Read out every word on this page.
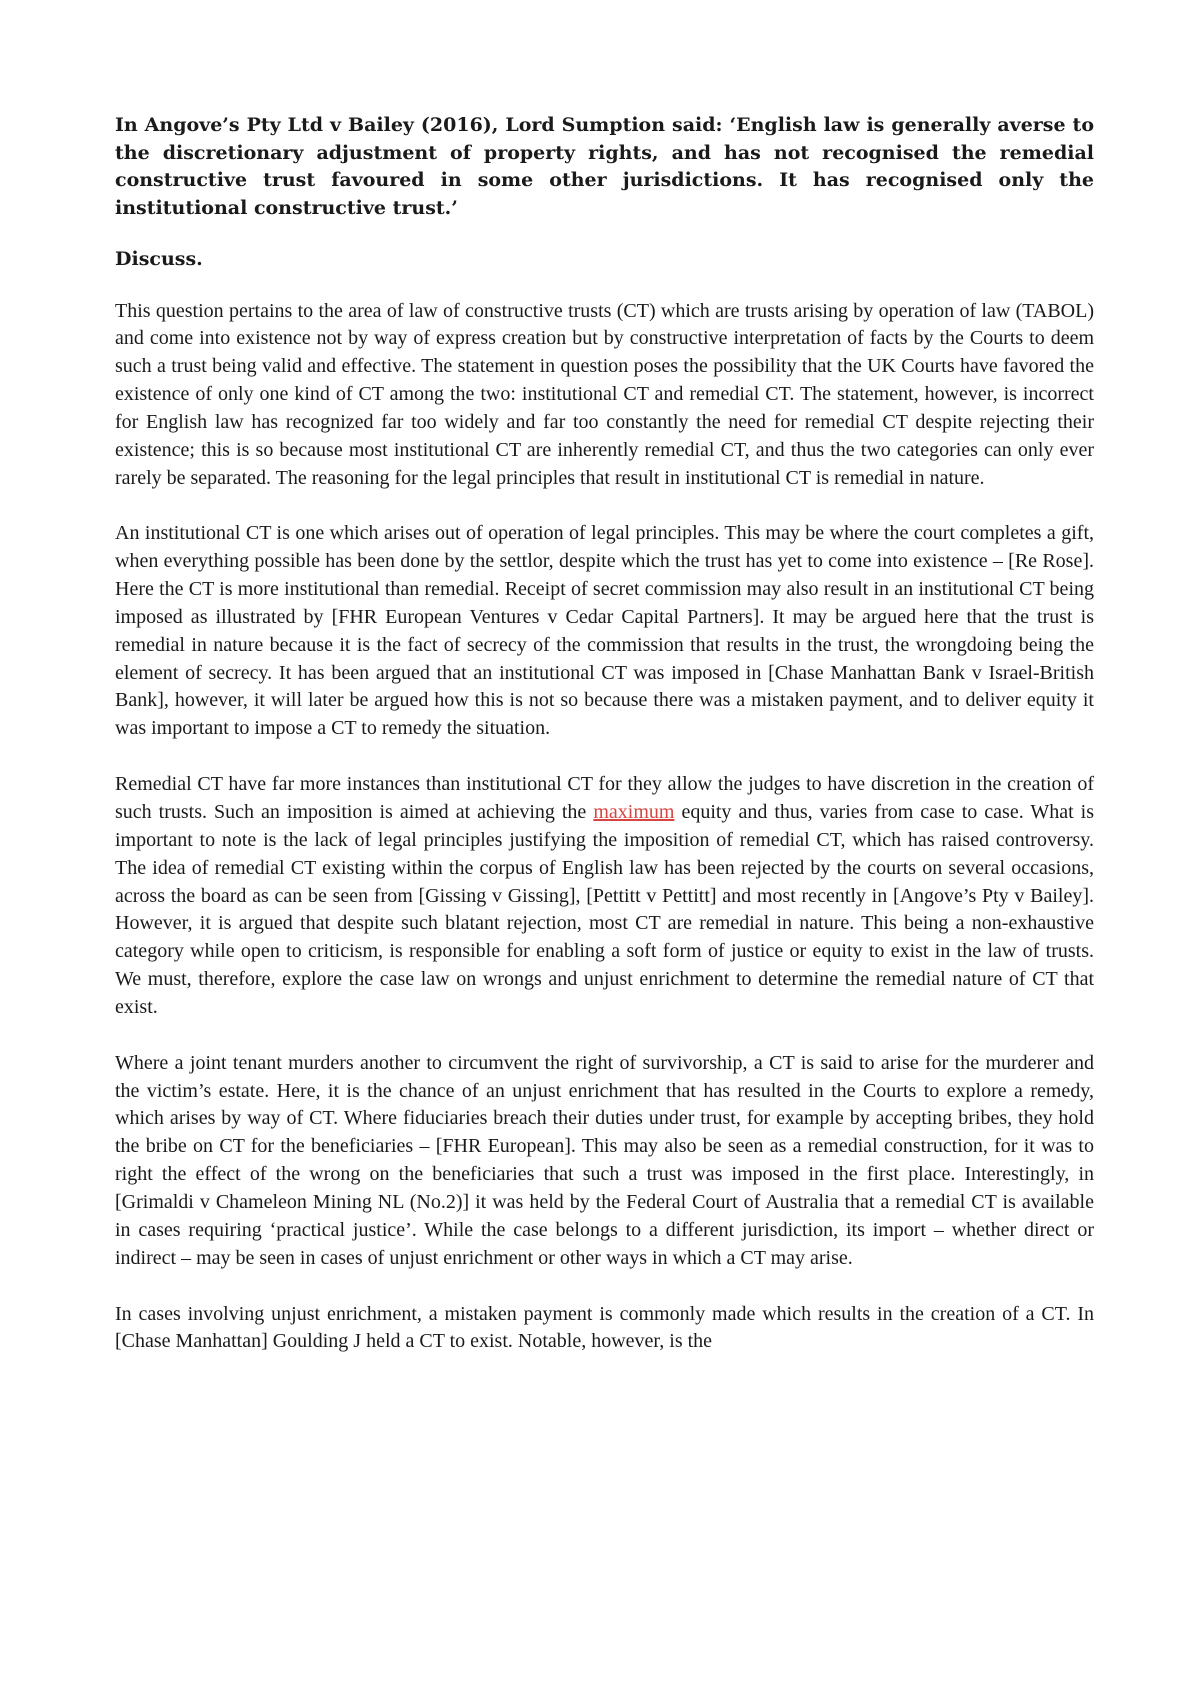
In Angove’s Pty Ltd v Bailey (2016), Lord Sumption said: ‘English law is generally averse to the discretionary adjustment of property rights, and has not recognised the remedial constructive trust favoured in some other jurisdictions. It has recognised only the institutional constructive trust.’

Discuss.

This question pertains to the area of law of constructive trusts (CT) which are trusts arising by operation of law (TABOL) and come into existence not by way of express creation but by constructive interpretation of facts by the Courts to deem such a trust being valid and effective. The statement in question poses the possibility that the UK Courts have favored the existence of only one kind of CT among the two: institutional CT and remedial CT. The statement, however, is incorrect for English law has recognized far too widely and far too constantly the need for remedial CT despite rejecting their existence; this is so because most institutional CT are inherently remedial CT, and thus the two categories can only ever rarely be separated. The reasoning for the legal principles that result in institutional CT is remedial in nature.

An institutional CT is one which arises out of operation of legal principles. This may be where the court completes a gift, when everything possible has been done by the settlor, despite which the trust has yet to come into existence – [Re Rose]. Here the CT is more institutional than remedial. Receipt of secret commission may also result in an institutional CT being imposed as illustrated by [FHR European Ventures v Cedar Capital Partners]. It may be argued here that the trust is remedial in nature because it is the fact of secrecy of the commission that results in the trust, the wrongdoing being the element of secrecy. It has been argued that an institutional CT was imposed in [Chase Manhattan Bank v Israel-British Bank], however, it will later be argued how this is not so because there was a mistaken payment, and to deliver equity it was important to impose a CT to remedy the situation.

Remedial CT have far more instances than institutional CT for they allow the judges to have discretion in the creation of such trusts. Such an imposition is aimed at achieving the maximum equity and thus, varies from case to case. What is important to note is the lack of legal principles justifying the imposition of remedial CT, which has raised controversy. The idea of remedial CT existing within the corpus of English law has been rejected by the courts on several occasions, across the board as can be seen from [Gissing v Gissing], [Pettitt v Pettitt] and most recently in [Angove’s Pty v Bailey]. However, it is argued that despite such blatant rejection, most CT are remedial in nature. This being a non-exhaustive category while open to criticism, is responsible for enabling a soft form of justice or equity to exist in the law of trusts. We must, therefore, explore the case law on wrongs and unjust enrichment to determine the remedial nature of CT that exist.

Where a joint tenant murders another to circumvent the right of survivorship, a CT is said to arise for the murderer and the victim’s estate. Here, it is the chance of an unjust enrichment that has resulted in the Courts to explore a remedy, which arises by way of CT. Where fiduciaries breach their duties under trust, for example by accepting bribes, they hold the bribe on CT for the beneficiaries – [FHR European]. This may also be seen as a remedial construction, for it was to right the effect of the wrong on the beneficiaries that such a trust was imposed in the first place. Interestingly, in [Grimaldi v Chameleon Mining NL (No.2)] it was held by the Federal Court of Australia that a remedial CT is available in cases requiring ‘practical justice’. While the case belongs to a different jurisdiction, its import – whether direct or indirect – may be seen in cases of unjust enrichment or other ways in which a CT may arise.

In cases involving unjust enrichment, a mistaken payment is commonly made which results in the creation of a CT. In [Chase Manhattan] Goulding J held a CT to exist. Notable, however, is the
